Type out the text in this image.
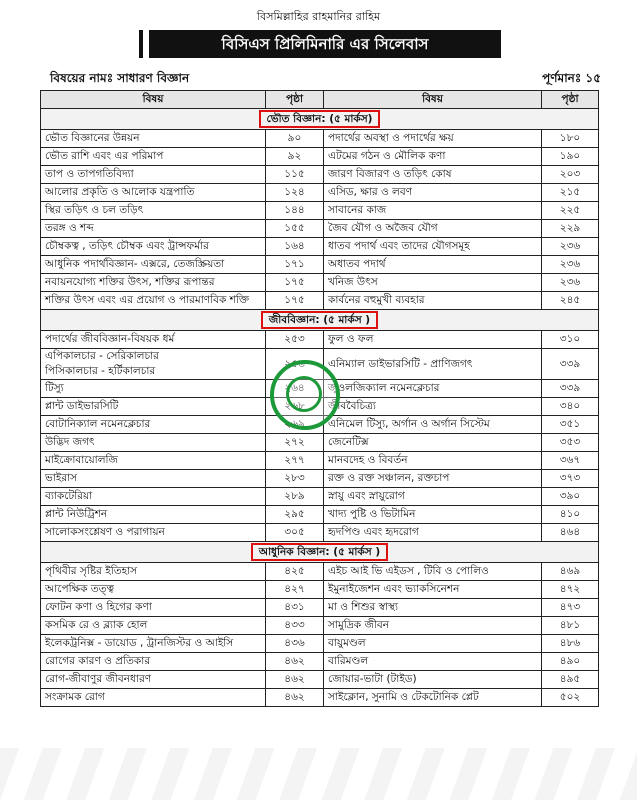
বিসমিল্লাহির রাহমানির রাহিম
বিসিএস প্রিলিমিনারি এর সিলেবাস
বিষয়ের নামঃ সাধারণ বিজ্ঞান	পূর্ণমানঃ ১৫
বিষয়	পৃষ্ঠা	বিষয়	পৃষ্ঠা
ভৌত বিজ্ঞান: (৫ মার্কস)			
ভৌত বিজ্ঞানের উন্নয়ন	৯০	পদার্থের অবস্থা ও পদার্থের ক্ষয়	১৮০
ভৌত রাশি এবং এর পরিমাপ	৯২	এটমের গঠন ও মৌলিক কণা	১৯০
তাপ ও তাপগতিবিদ্যা	১১৫	জারণ বিজারণ ও তড়িৎ কোষ	২০৩
আলোর প্রকৃতি ও আলোক যন্ত্রপাতি	১২৪	এসিড, ক্ষার ও লবণ	২১৫
স্থির তড়িৎ ও চল তড়িৎ	১৪৪	সাবানের কাজ	২২৫
তরঙ্গ ও শব্দ	১৫৫	জৈব যৌগ ও অজৈব যৌগ	২২৯
চৌম্বকত্ব , তড়িৎ চৌম্বক এবং ট্রান্সফর্মার	১৬৪	ধাতব পদার্থ এবং তাদের যৌগসমূহ	২৩৬
আধুনিক পদার্থবিজ্ঞান- এক্সরে, তেজস্ক্রিয়তা	১৭১	অধাতব পদার্থ	২৩৬
নবায়নযোগ্য শক্তির উৎস, শক্তির রূপান্তর	১৭৫	খনিজ উৎস	২৩৬
শক্তির উৎস এবং এর প্রয়োগ ও পারমাণবিক শক্তি	১৭৫	কার্বনের বহুমুখী ব্যবহার	২৪৫
জীববিজ্ঞান: (৫ মার্কস )			
পদার্থের জীববিজ্ঞান-বিষয়ক ধর্ম	২৫৩	ফুল ও ফল	৩১০
এপিকালচার - সেরিকালচার
পিসিকালচার - হর্টিকালচার	২৫৬	এনিম্যাল ডাইভারসিটি - প্রাণিজগৎ	৩৩৯
টিস্যু	২৬৪	জুওলজিক্যাল নমেনক্লেচার	৩৩৯
প্লান্ট ডাইভারসিটি	২৬৮	জীববৈচিত্র্য	৩৪০
বোটানিক্যাল নমেনক্লেচার	২৬৯	এনিমেল টিস্যু, অর্গান ও অর্গান সিস্টেম	৩৫১
উদ্ভিদ জগৎ	২৭২	জেনেটিক্স	৩৫৩
মাইক্রোবায়োলজি	২৭৭	মানবদেহ ও বিবর্তন	৩৬৭
ভাইরাস	২৮৩	রক্ত ও রক্ত সঞ্চালন, রক্তচাপ	৩৭৩
ব্যাকটেরিয়া	২৮৯	স্নায়ু এবং স্নায়ুরোগ	৩৯০
প্লান্ট নিউট্রিশন	২৯৫	খাদ্য পুষ্টি ও ভিটামিন	৪১০
সালোকসংশ্লেষণ ও পরাগায়ন	৩০৫	হৃদপিণ্ড এবং হৃদরোগ	৪৬৪
আধুনিক বিজ্ঞান: (৫ মার্কস )			
পৃথিবীর সৃষ্টির ইতিহাস	৪২৫	এইচ আই ভি এইডস , টিবি ও পোলিও	৪৬৯
আপেক্ষিক তত্ত্ব	৪২৭	ইমুনাইজেশন এবং ভ্যাকসিনেশন	৪৭২
ফোটন কণা ও হিগের কণা	৪৩১	মা ও শিশুর স্বাস্থ্য	৪৭৩
কসমিক রে ও ব্ল্যাক হোল	৪৩৩	সামুদ্রিক জীবন	৪৮১
ইলেকট্রনিক্স - ডায়োড , ট্রানজিস্টর ও আইসি	৪৩৬	বায়ুমণ্ডল	৪৮৬
রোগের কারণ ও প্রতিকার	৪৬২	বারিমণ্ডল	৪৯০
রোগ-জীবাণুর জীবনধারণ	৪৬২	জোয়ার-ভাটা (টাইড)	৪৯৫
সংক্রামক রোগ	৪৬২	সাইক্লোন, সুনামি ও টেকটোনিক প্লেট	৫০২
